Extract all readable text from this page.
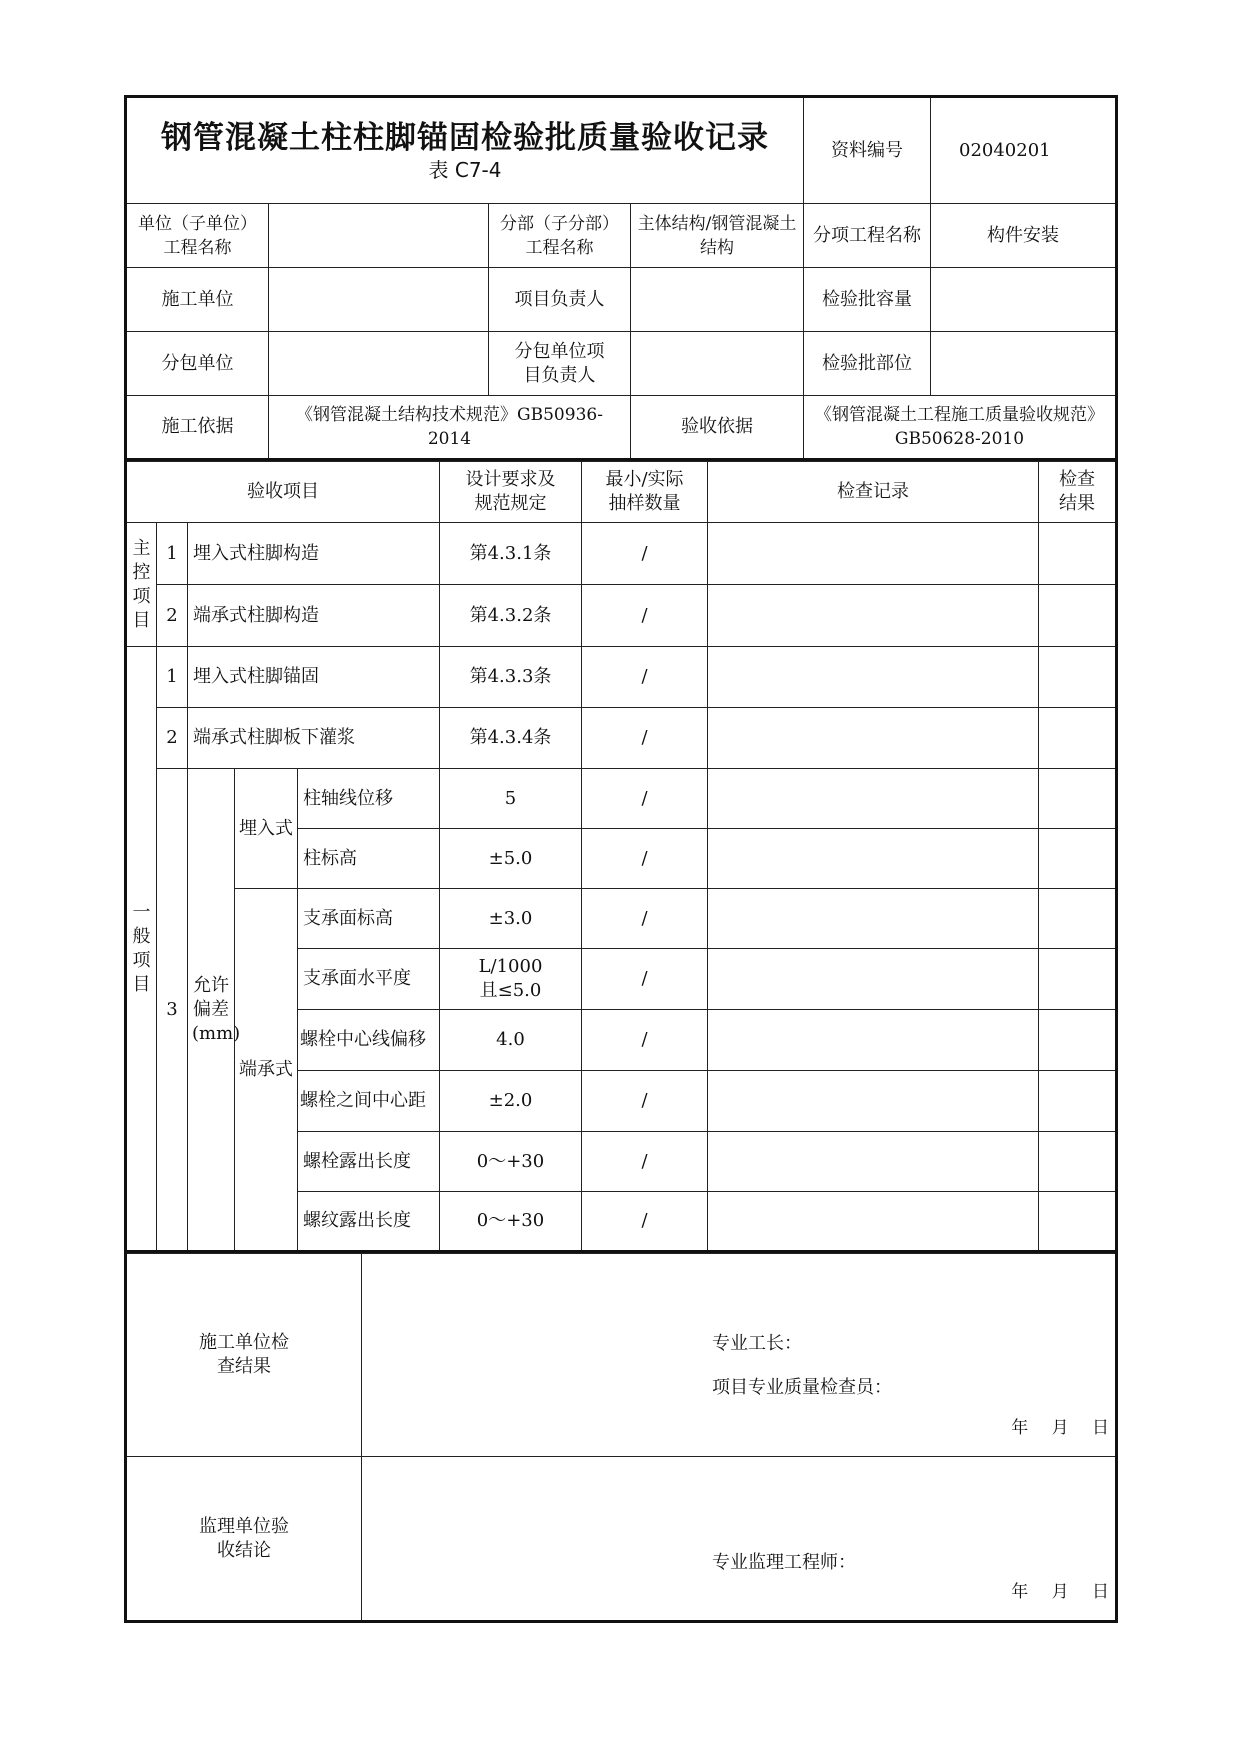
钢管混凝土柱柱脚锚固检验批质量验收记录
表 C7-4				资料编号	02040201
单位（子单位）工程名称		分部（子分部）工程名称	主体结构/钢管混凝土结构	分项工程名称	构件安装
施工单位		项目负责人		检验批容量	
分包单位		分包单位项目负责人		检验批部位	
施工依据	《钢管混凝土结构技术规范》GB50936-2014		验收依据	《钢管混凝土工程施工质量验收规范》GB50628-2010	
验收项目					设计要求及规范规定	最小/实际抽样数量	检查记录	检查结果
主控项目	1	埋入式柱脚构造			第4.3.1条	/		
	2	端承式柱脚构造			第4.3.2条	/		
一般项目	1	埋入式柱脚锚固			第4.3.3条	/		
	2	端承式柱脚板下灌浆			第4.3.4条	/		
	3	允许偏差(mm)	埋入式	柱轴线位移	5	/		
				柱标高	±5.0	/		
			端承式	支承面标高	±3.0	/		
				支承面水平度	L/1000 且≤5.0	/		
				螺栓中心线偏移	4.0	/		
				螺栓之间中心距	±2.0	/		
				螺栓露出长度	0～+30	/		
				螺纹露出长度	0～+30	/		
施工单位检查结果	专业工长：
项目专业质量检查员：
年 月 日

监理单位验收结论	专业监理工程师：
年 月 日
